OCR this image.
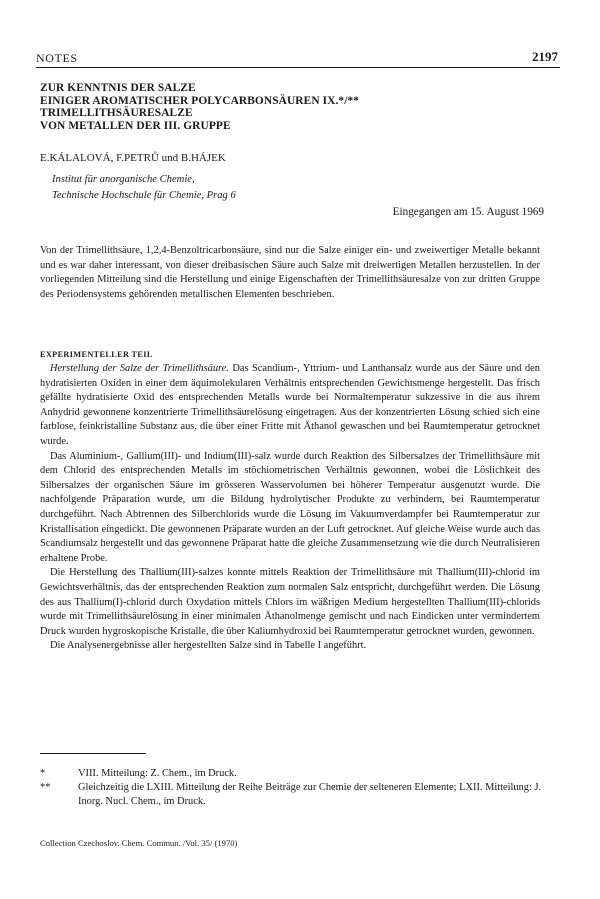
NOTES	2197
ZUR KENNTNIS DER SALZE
EINIGER AROMATISCHER POLYCARBONSÄUREN IX.*/**
TRIMELLITHSÄURESALZE
VON METALLEN DER III. GRUPPE
E.KÁLALOVÁ, F.PETRŮ und B.HÁJEK
Institut für anorganische Chemie,
Technische Hochschule für Chemie, Prag 6
Eingegangen am 15. August 1969
Von der Trimellithsäure, 1,2,4-Benzoltricarbonsäure, sind nur die Salze einiger ein- und zweiwertiger Metalle bekannt und es war daher interessant, von dieser dreibasischen Säure auch Salze mit dreiwertigen Metallen herzustellen. In der vorliegenden Mitteilung sind die Herstellung und einige Eigenschaften der Trimellithsäuresalze von zur dritten Gruppe des Periodensystems gehörenden metallischen Elementen beschrieben.
EXPERIMENTELLER TEIL

Herstellung der Salze der Trimellithsäure. Das Scandium-, Yttrium- und Lanthansalz wurde aus der Säure und den hydratisierten Oxiden in einer dem äquimolekularen Verhältnis entsprechenden Gewichtsmenge hergestellt. Das frisch gefällte hydratisierte Oxid des entsprechenden Metalls wurde bei Normaltemperatur sukzessive in die aus ihrem Anhydrid gewonnene konzentrierte Trimellithsäurelösung eingetragen. Aus der konzentrierten Lösung schied sich eine farblose, feinkristalline Substanz aus, die über einer Fritte mit Äthanol gewaschen und bei Raumtemperatur getrocknet wurde.

Das Aluminium-, Gallium(III)- und Indium(III)-salz wurde durch Reaktion des Silbersalzes der Trimellithsäure mit dem Chlorid des entsprechenden Metalls im stöchiometrischen Verhältnis gewonnen, wobei die Löslichkeit des Silbersalzes der organischen Säure im grösseren Wasservolumen bei höherer Temperatur ausgenutzt wurde. Die nachfolgende Präparation wurde, um die Bildung hydrolytischer Produkte zu verhindern, bei Raumtemperatur durchgeführt. Nach Abtrennen des Silberchlorids wurde die Lösung im Vakuumverdampfer bei Raumtemperatur zur Kristallisation eingedickt. Die gewonnenen Präparate wurden an der Luft getrocknet. Auf gleiche Weise wurde auch das Scandiumsalz hergestellt und das gewonnene Präparat hatte die gleiche Zusammensetzung wie die durch Neutralisieren erhaltene Probe.

Die Herstellung des Thallium(III)-salzes konnte mittels Reaktion der Trimellithsäure mit Thallium(III)-chlorid im Gewichtsverhältnis, das der entsprechenden Reaktion zum normalen Salz entspricht, durchgeführt werden. Die Lösung des aus Thallium(I)-chlorid durch Oxydation mittels Chlors im wäßrigen Medium hergestellten Thallium(III)-chlorids wurde mit Trimellithsäurelösung in einer minimalen Äthanolmenge gemischt und nach Eindicken unter vermindertem Druck wurden hygroskopische Kristalle, die über Kaliumhydroxid bei Raumtemperatur getrocknet wurden, gewonnen.

Die Analysenergebnisse aller hergestellten Salze sind in Tabelle I angeführt.

*	VIII. Mitteilung: Z. Chem., im Druck.
**	Gleichzeitig die LXIII. Mitteilung der Reihe Beiträge zur Chemie der selteneren Elemente; LXII. Mitteilung: J. Inorg. Nucl. Chem., im Druck.
Collection Czechoslov. Chem. Commun. /Vol. 35/ (1970)
